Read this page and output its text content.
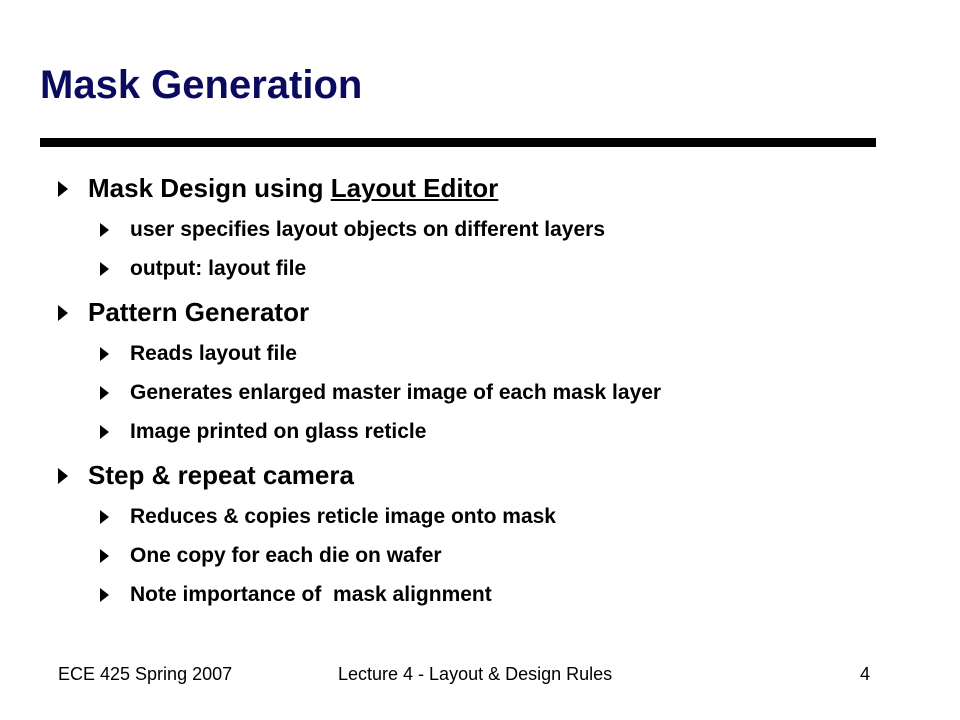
Mask Generation
Mask Design using Layout Editor
user specifies layout objects on different layers
output: layout file
Pattern Generator
Reads layout file
Generates enlarged master image of each mask layer
Image printed on glass reticle
Step & repeat camera
Reduces & copies reticle image onto mask
One copy for each die on wafer
Note importance of  mask alignment
ECE 425 Spring 2007	Lecture 4 - Layout & Design Rules	4
